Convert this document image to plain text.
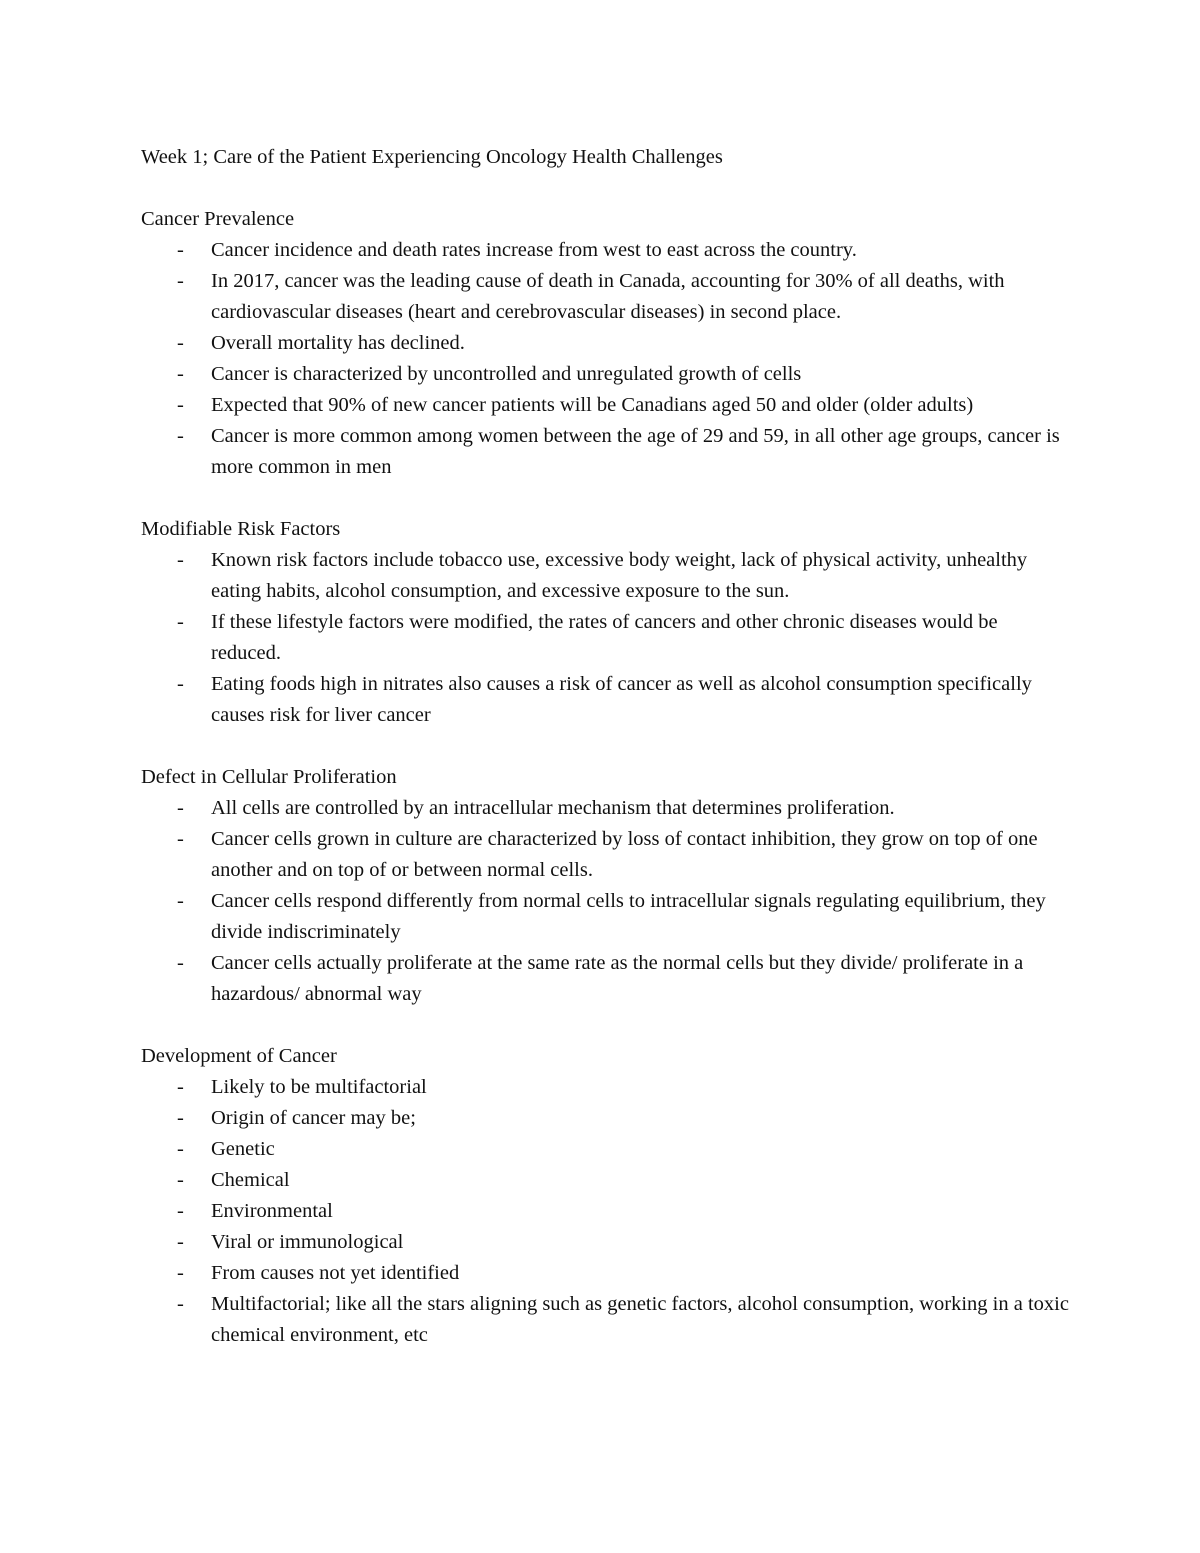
Week 1; Care of the Patient Experiencing Oncology Health Challenges

Cancer Prevalence

- Cancer incidence and death rates increase from west to east across the country.
- In 2017, cancer was the leading cause of death in Canada, accounting for 30% of all deaths, with cardiovascular diseases (heart and cerebrovascular diseases) in second place.
- Overall mortality has declined.
- Cancer is characterized by uncontrolled and unregulated growth of cells
- Expected that 90% of new cancer patients will be Canadians aged 50 and older (older adults)
- Cancer is more common among women between the age of 29 and 59, in all other age groups, cancer is more common in men

Modifiable Risk Factors

- Known risk factors include tobacco use, excessive body weight, lack of physical activity, unhealthy eating habits, alcohol consumption, and excessive exposure to the sun.
- If these lifestyle factors were modified, the rates of cancers and other chronic diseases would be reduced.
- Eating foods high in nitrates also causes a risk of cancer as well as alcohol consumption specifically causes risk for liver cancer

Defect in Cellular Proliferation

- All cells are controlled by an intracellular mechanism that determines proliferation.
- Cancer cells grown in culture are characterized by loss of contact inhibition, they grow on top of one another and on top of or between normal cells.
- Cancer cells respond differently from normal cells to intracellular signals regulating equilibrium, they divide indiscriminately
- Cancer cells actually proliferate at the same rate as the normal cells but they divide/ proliferate in a hazardous/ abnormal way

Development of Cancer

- Likely to be multifactorial
- Origin of cancer may be;
- Genetic
- Chemical
- Environmental
- Viral or immunological
- From causes not yet identified
- Multifactorial; like all the stars aligning such as genetic factors, alcohol consumption, working in a toxic chemical environment, etc
